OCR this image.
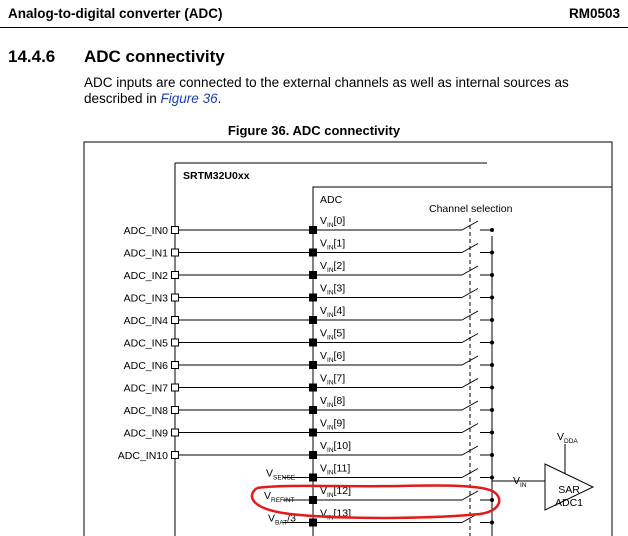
Analog-to-digital converter (ADC)	RM0503
14.4.6 ADC connectivity
ADC inputs are connected to the external channels as well as internal sources as described in Figure 36.
Figure 36. ADC connectivity
SRTM32U0xx
ADC
Channel selection
$V_{IN}[0]$
$V_{IN}[1]$
$V_{IN}[2]$
$V_{IN}[3]$
$V_{IN}[4]$
$V_{IN}[5]$
$V_{IN}[6]$
$V_{IN}[7]$
$V_{IN}[8]$
$V_{IN}[9]$
$V_{IN}[10]$
$V_{IN}[11]$
$V_{IN}[12]$
$V_{IN}[13]$
ADC_IN0
ADC_IN1
ADC_IN2
ADC_IN3
ADC_IN4
ADC_IN5
ADC_IN6
ADC_IN7
ADC_IN8
ADC_IN9
ADC_IN10
$V_{SENSE}$
$V_{REFINT}$
$V_{BAT}/3$
$V_{IN}$
$V_{DDA}$
SAR
ADC1
